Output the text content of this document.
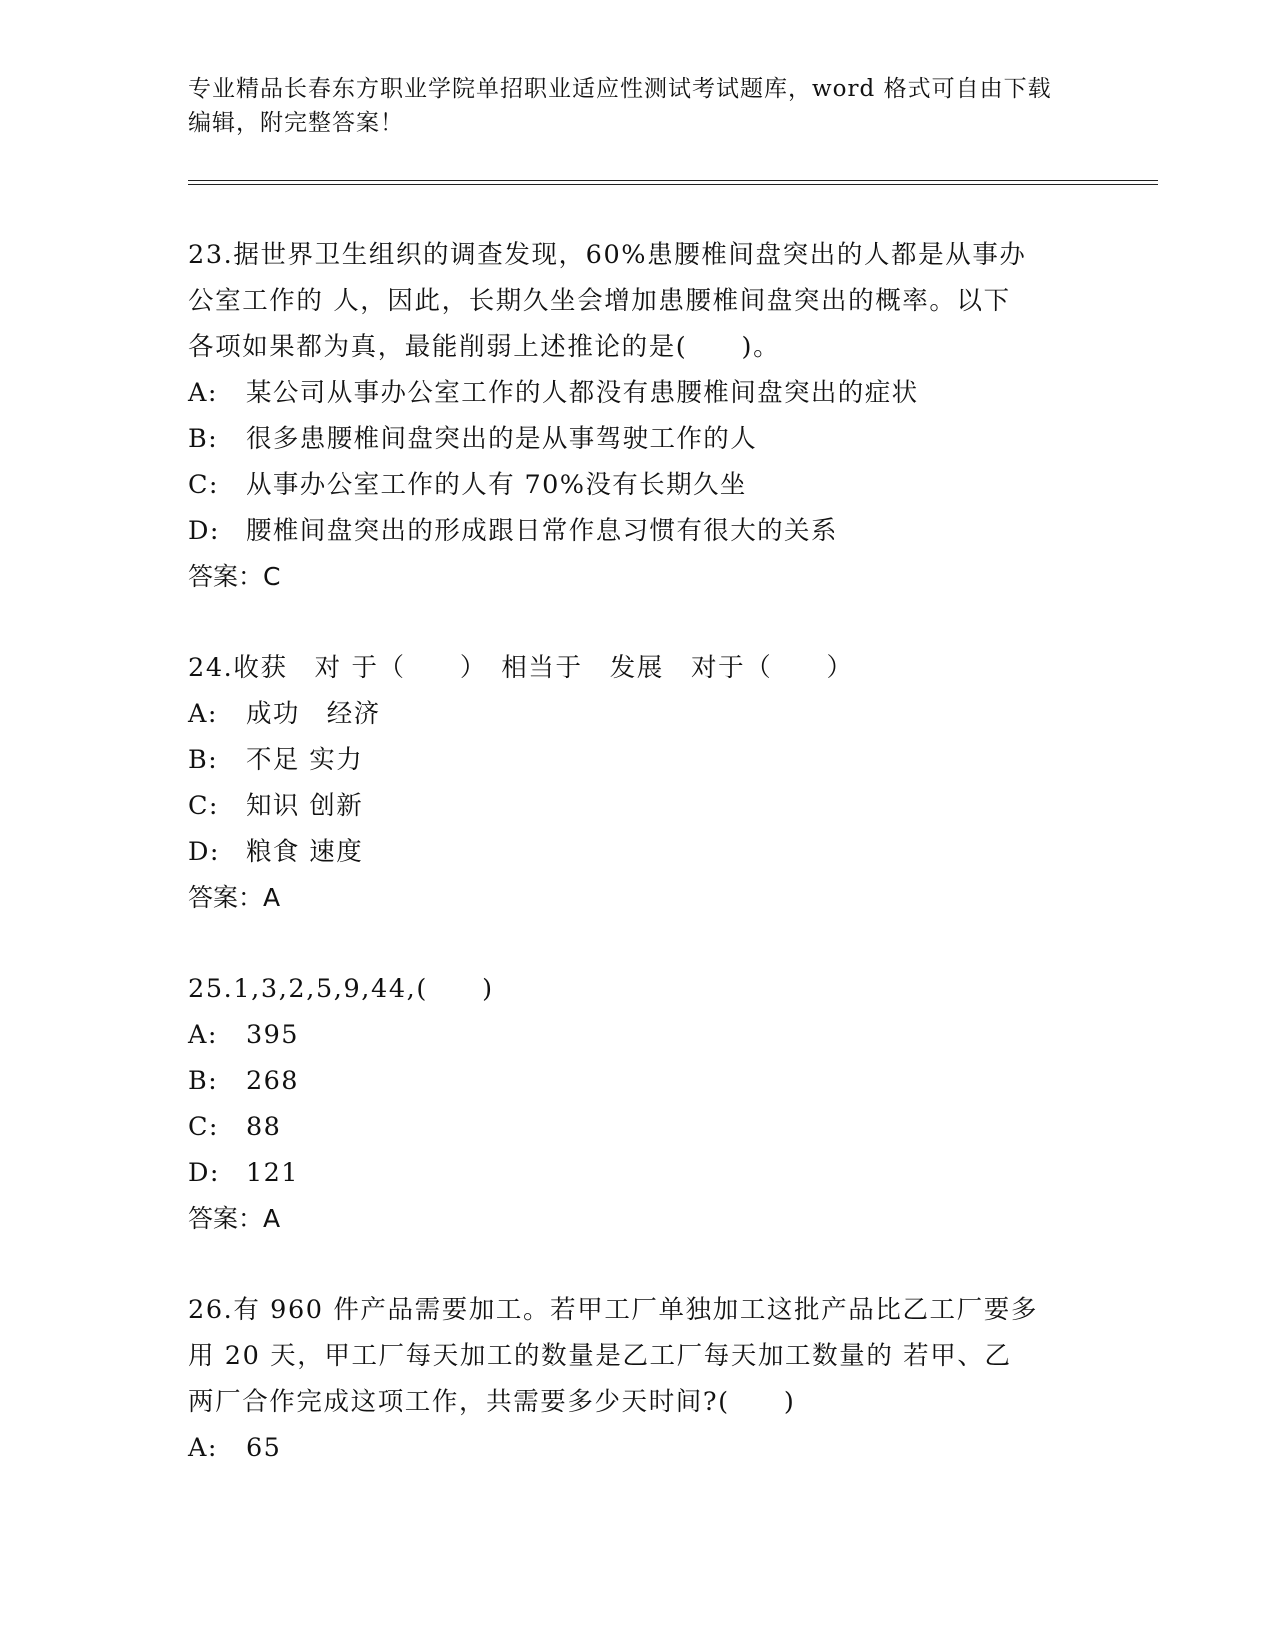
专业精品长春东方职业学院单招职业适应性测试考试题库，word 格式可自由下载
编辑，附完整答案！
23.据世界卫生组织的调查发现，60%患腰椎间盘突出的人都是从事办
公室工作的 人，因此，长期久坐会增加患腰椎间盘突出的概率。以下
各项如果都为真，最能削弱上述推论的是(　　)。
A: 某公司从事办公室工作的人都没有患腰椎间盘突出的症状
B: 很多患腰椎间盘突出的是从事驾驶工作的人
C: 从事办公室工作的人有 70%没有长期久坐
D: 腰椎间盘突出的形成跟日常作息习惯有很大的关系
答案：C
24.收获　对 于（　　）　相当于　发展　对于（　　）
A: 成功　经济
B: 不足 实力
C: 知识 创新
D: 粮食 速度
答案：A
25.1,3,2,5,9,44,(　　)
A: 395
B: 268
C: 88
D: 121
答案：A
26.有 960 件产品需要加工。若甲工厂单独加工这批产品比乙工厂要多
用 20 天，甲工厂每天加工的数量是乙工厂每天加工数量的 若甲、乙
两厂合作完成这项工作，共需要多少天时间?(　　)
A: 65
